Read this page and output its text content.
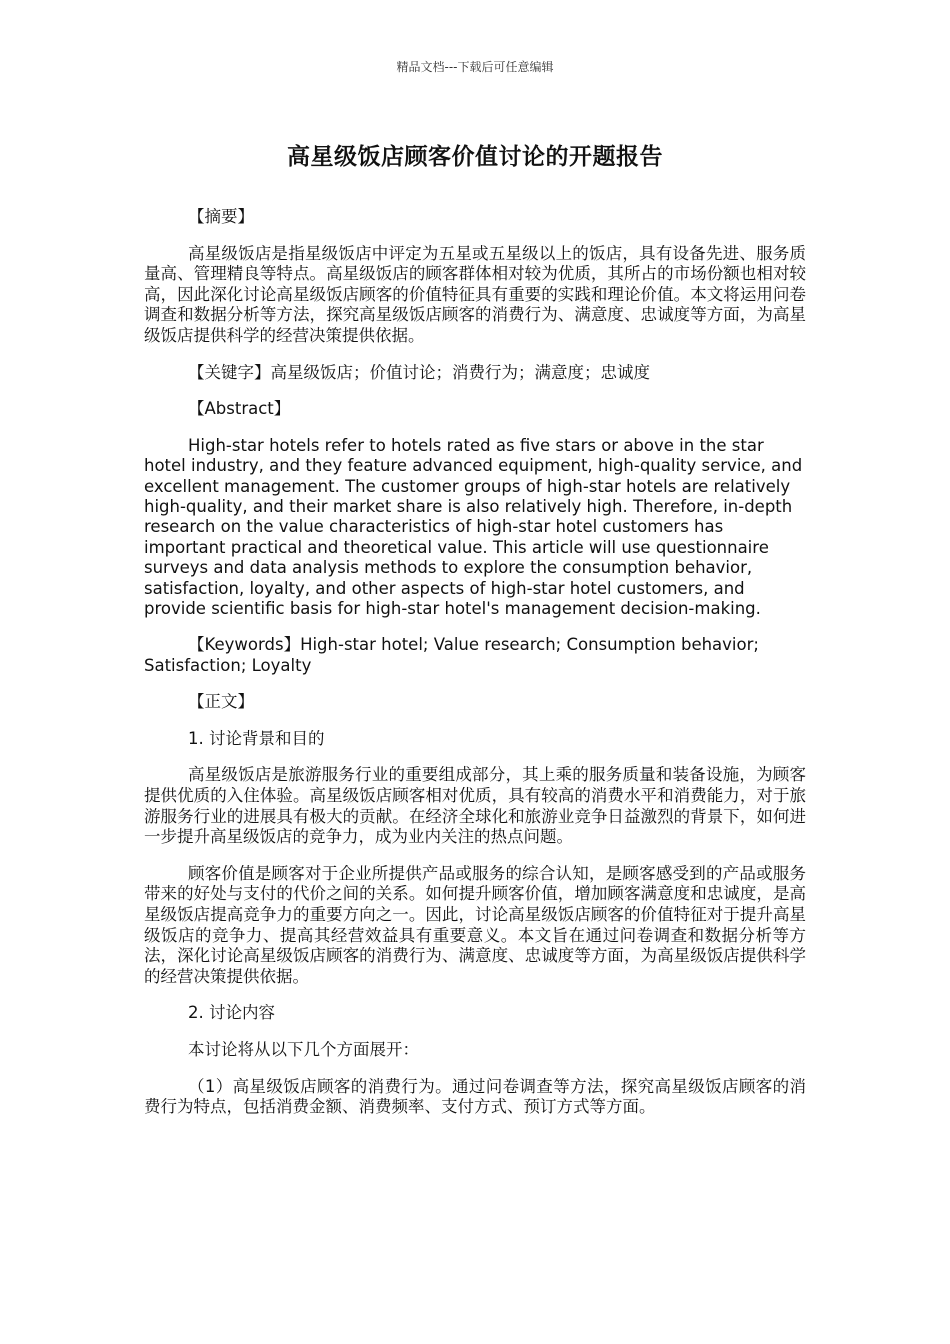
精品文档---下载后可任意编辑
高星级饭店顾客价值讨论的开题报告

【摘要】

高星级饭店是指星级饭店中评定为五星或五星级以上的饭店，具有设备先进、服务质量高、管理精良等特点。高星级饭店的顾客群体相对较为优质，其所占的市场份额也相对较高，因此深化讨论高星级饭店顾客的价值特征具有重要的实践和理论价值。本文将运用问卷调查和数据分析等方法，探究高星级饭店顾客的消费行为、满意度、忠诚度等方面，为高星级饭店提供科学的经营决策提供依据。

【关键字】高星级饭店；价值讨论；消费行为；满意度；忠诚度

【Abstract】

High-star hotels refer to hotels rated as five stars or above in the star hotel industry, and they feature advanced equipment, high-quality service, and excellent management. The customer groups of high-star hotels are relatively high-quality, and their market share is also relatively high. Therefore, in-depth research on the value characteristics of high-star hotel customers has important practical and theoretical value. This article will use questionnaire surveys and data analysis methods to explore the consumption behavior, satisfaction, loyalty, and other aspects of high-star hotel customers, and provide scientific basis for high-star hotel's management decision-making.

【Keywords】High-star hotel; Value research; Consumption behavior; Satisfaction; Loyalty

【正文】

1. 讨论背景和目的

高星级饭店是旅游服务行业的重要组成部分，其上乘的服务质量和装备设施，为顾客提供优质的入住体验。高星级饭店顾客相对优质，具有较高的消费水平和消费能力，对于旅游服务行业的进展具有极大的贡献。在经济全球化和旅游业竞争日益激烈的背景下，如何进一步提升高星级饭店的竞争力，成为业内关注的热点问题。

顾客价值是顾客对于企业所提供产品或服务的综合认知，是顾客感受到的产品或服务带来的好处与支付的代价之间的关系。如何提升顾客价值，增加顾客满意度和忠诚度，是高星级饭店提高竞争力的重要方向之一。因此，讨论高星级饭店顾客的价值特征对于提升高星级饭店的竞争力、提高其经营效益具有重要意义。本文旨在通过问卷调查和数据分析等方法，深化讨论高星级饭店顾客的消费行为、满意度、忠诚度等方面，为高星级饭店提供科学的经营决策提供依据。

2. 讨论内容

本讨论将从以下几个方面展开：

（1）高星级饭店顾客的消费行为。通过问卷调查等方法，探究高星级饭店顾客的消费行为特点，包括消费金额、消费频率、支付方式、预订方式等方面。
